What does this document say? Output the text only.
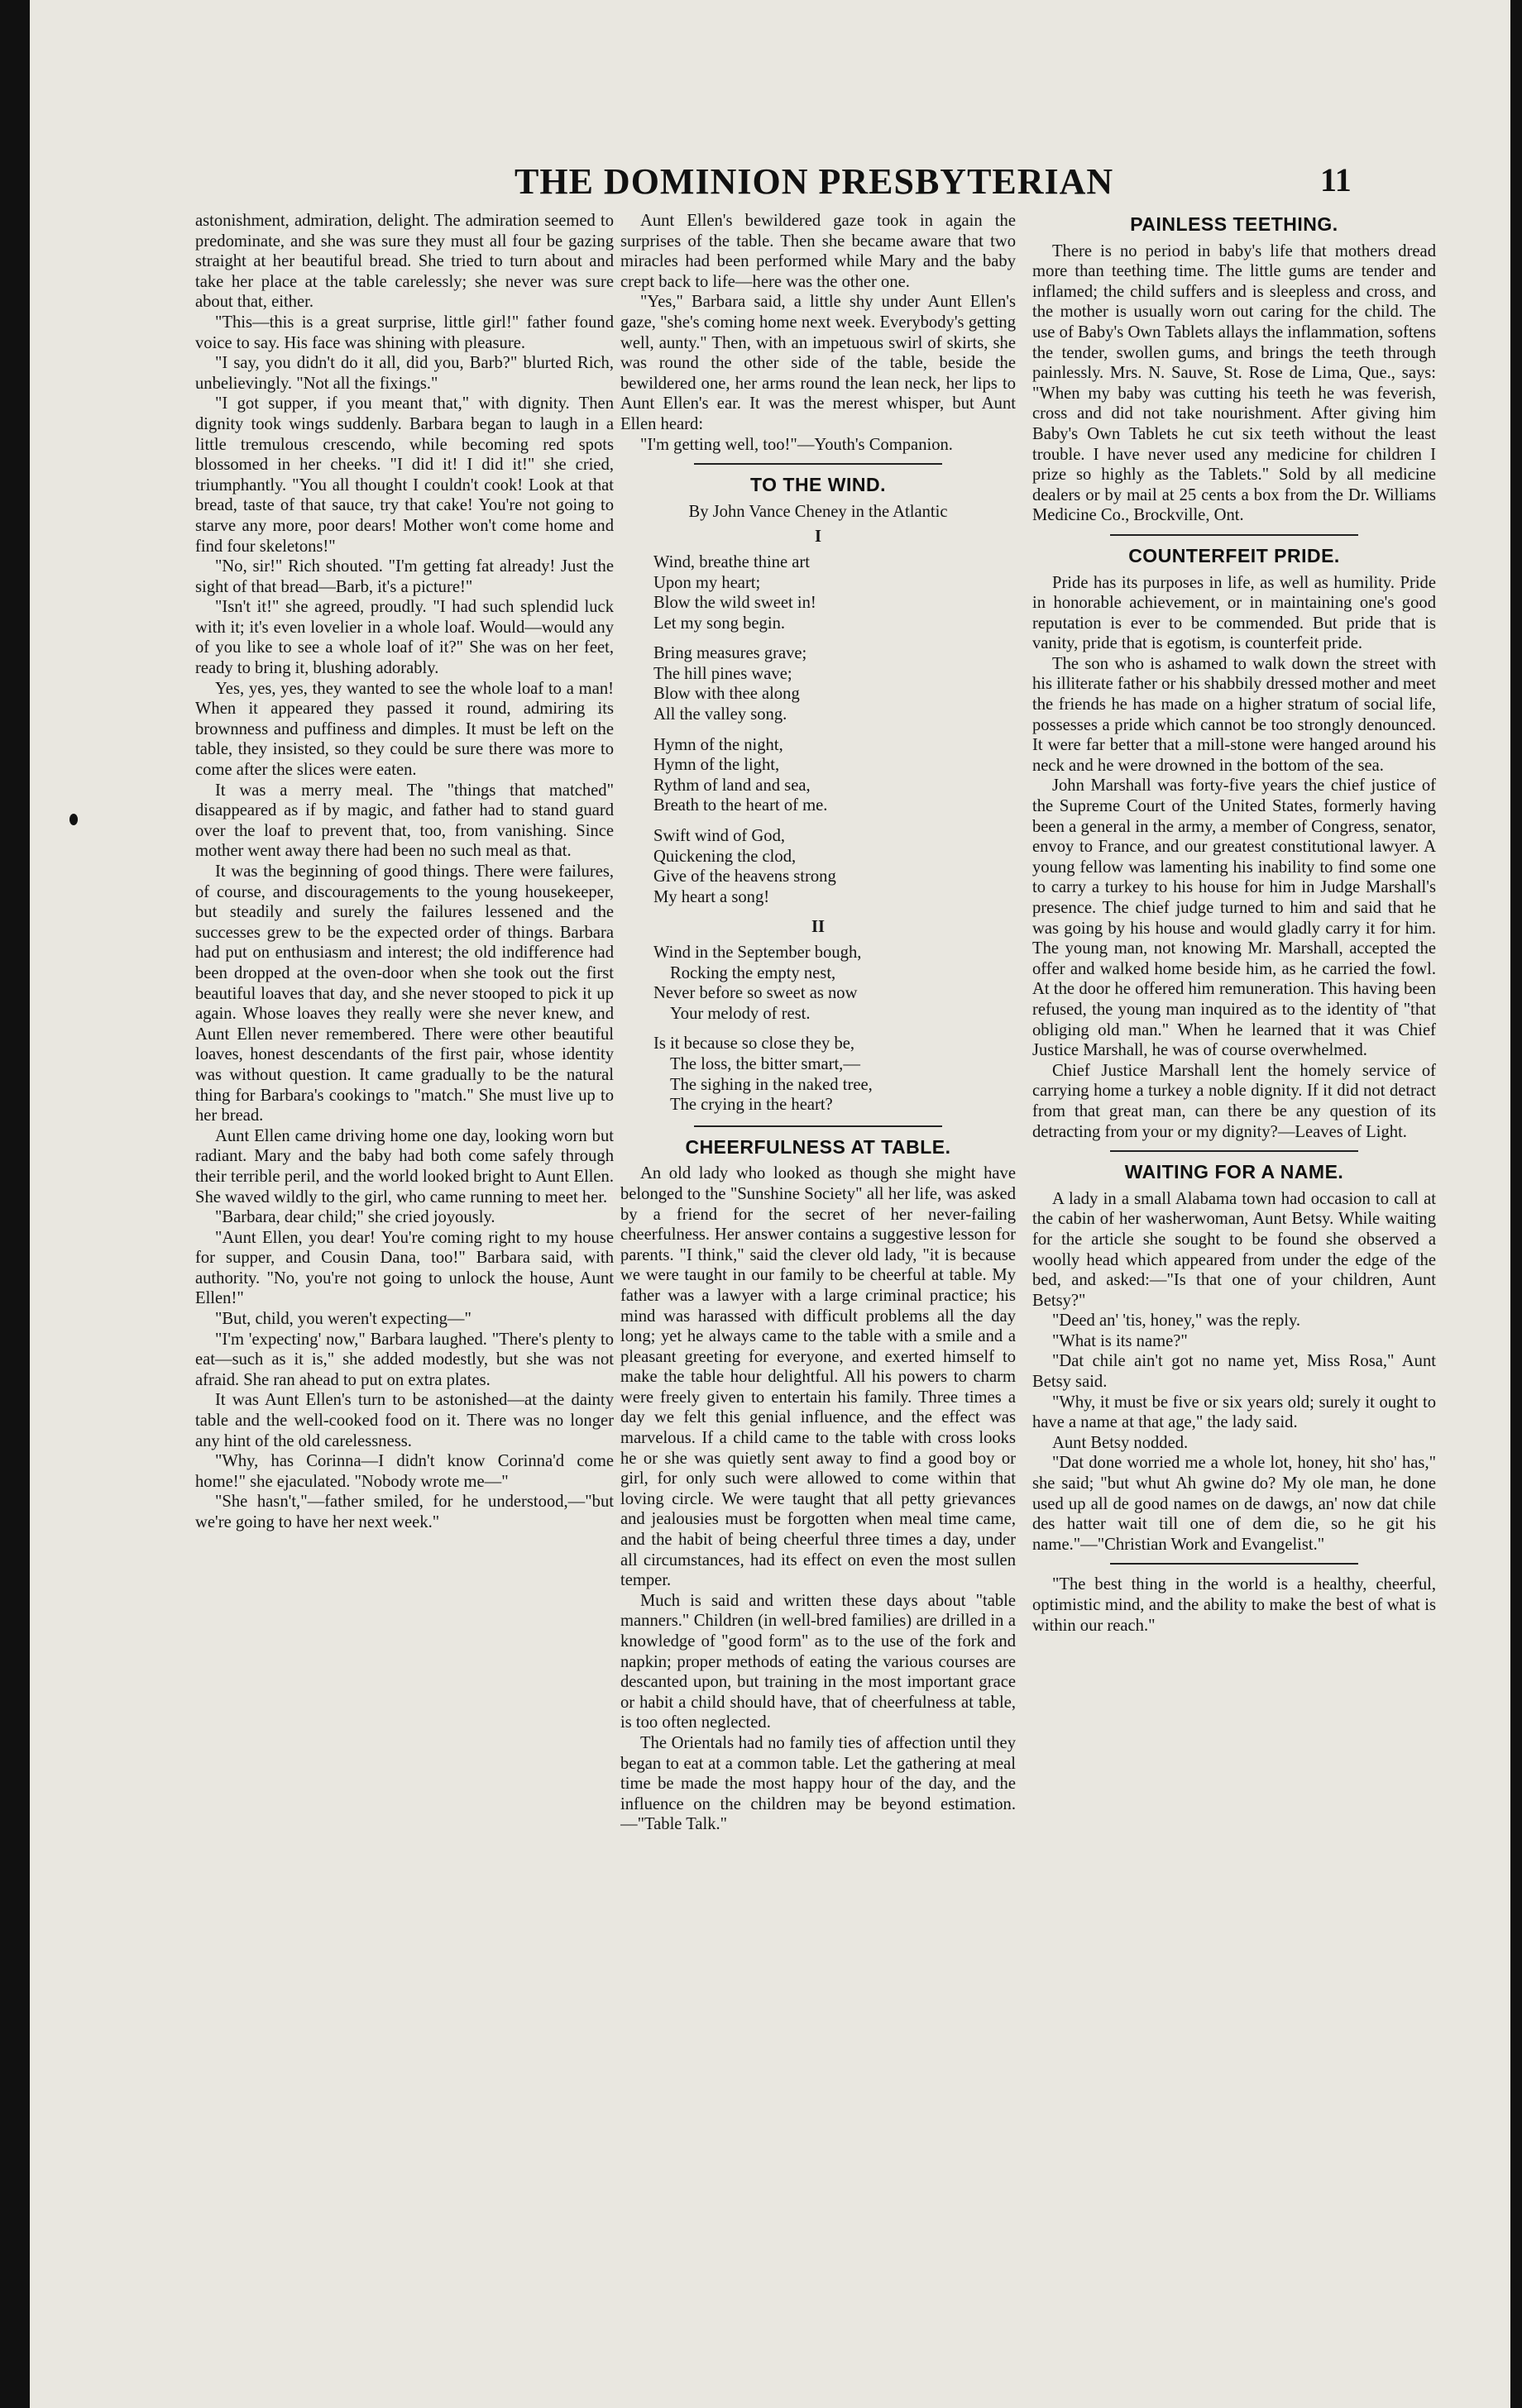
THE DOMINION PRESBYTERIAN	11

astonishment, admiration, delight. The admiration seemed to predominate, and she was sure they must all four be gazing straight at her beautiful bread. She tried to turn about and take her place at the table carelessly; she never was sure about that, either.

"This—this is a great surprise, little girl!" father found voice to say. His face was shining with pleasure.

"I say, you didn't do it all, did you, Barb?" blurted Rich, unbelievingly. "Not all the fixings."

"I got supper, if you meant that," with dignity. Then dignity took wings suddenly. Barbara began to laugh in a little tremulous crescendo, while becoming red spots blossomed in her cheeks. "I did it! I did it!" she cried, triumphantly. "You all thought I couldn't cook! Look at that bread, taste of that sauce, try that cake! You're not going to starve any more, poor dears! Mother won't come home and find four skeletons!"

"No, sir!" Rich shouted. "I'm getting fat already! Just the sight of that bread—Barb, it's a picture!"

"Isn't it!" she agreed, proudly. "I had such splendid luck with it; it's even lovelier in a whole loaf. Would—would any of you like to see a whole loaf of it?" She was on her feet, ready to bring it, blushing adorably.

Yes, yes, yes, they wanted to see the whole loaf to a man! When it appeared they passed it round, admiring its brownness and puffiness and dimples. It must be left on the table, they insisted, so they could be sure there was more to come after the slices were eaten.

It was a merry meal. The "things that matched" disappeared as if by magic, and father had to stand guard over the loaf to prevent that, too, from vanishing. Since mother went away there had been no such meal as that.

It was the beginning of good things. There were failures, of course, and discouragements to the young housekeeper, but steadily and surely the failures lessened and the successes grew to be the expected order of things. Barbara had put on enthusiasm and interest; the old indifference had been dropped at the oven-door when she took out the first beautiful loaves that day, and she never stooped to pick it up again. Whose loaves they really were she never knew, and Aunt Ellen never remembered. There were other beautiful loaves, honest descendants of the first pair, whose identity was without question. It came gradually to be the natural thing for Barbara's cookings to "match." She must live up to her bread.

Aunt Ellen came driving home one day, looking worn but radiant. Mary and the baby had both come safely through their terrible peril, and the world looked bright to Aunt Ellen. She waved wildly to the girl, who came running to meet her.

"Barbara, dear child;" she cried joyously.

"Aunt Ellen, you dear! You're coming right to my house for supper, and Cousin Dana, too!" Barbara said, with authority. "No, you're not going to unlock the house, Aunt Ellen!"

"But, child, you weren't expecting—"

"I'm 'expecting' now," Barbara laughed. "There's plenty to eat—such as it is," she added modestly, but she was not afraid. She ran ahead to put on extra plates.

It was Aunt Ellen's turn to be astonished—at the dainty table and the well-cooked food on it. There was no longer any hint of the old carelessness.

"Why, has Corinna—I didn't know Corinna'd come home!" she ejaculated. "Nobody wrote me—"

"She hasn't,"—father smiled, for he understood,—"but we're going to have her next week."

Aunt Ellen's bewildered gaze took in again the surprises of the table. Then she became aware that two miracles had been performed while Mary and the baby crept back to life—here was the other one.

"Yes," Barbara said, a little shy under Aunt Ellen's gaze, "she's coming home next week. Everybody's getting well, aunty." Then, with an impetuous swirl of skirts, she was round the other side of the table, beside the bewildered one, her arms round the lean neck, her lips to Aunt Ellen's ear. It was the merest whisper, but Aunt Ellen heard:

"I'm getting well, too!"—Youth's Companion.

TO THE WIND.
By John Vance Cheney in the Atlantic
I
Wind, breathe thine art
Upon my heart;
Blow the wild sweet in!
Let my song begin.
Bring measures grave;
The hill pines wave;
Blow with thee along
All the valley song.
Hymn of the night,
Hymn of the light,
Rythm of land and sea,
Breath to the heart of me.
Swift wind of God,
Quickening the clod,
Give of the heavens strong
My heart a song!
II
Wind in the September bough,
Rocking the empty nest,
Never before so sweet as now
Your melody of rest.
Is it because so close they be,
The loss, the bitter smart,—
The sighing in the naked tree,
The crying in the heart?
CHEERFULNESS AT TABLE.

An old lady who looked as though she might have belonged to the "Sunshine Society" all her life, was asked by a friend for the secret of her never-failing cheerfulness. Her answer contains a suggestive lesson for parents. "I think," said the clever old lady, "it is because we were taught in our family to be cheerful at table. My father was a lawyer with a large criminal practice; his mind was harassed with difficult problems all the day long; yet he always came to the table with a smile and a pleasant greeting for everyone, and exerted himself to make the table hour delightful. All his powers to charm were freely given to entertain his family. Three times a day we felt this genial influence, and the effect was marvelous. If a child came to the table with cross looks he or she was quietly sent away to find a good boy or girl, for only such were allowed to come within that loving circle. We were taught that all petty grievances and jealousies must be forgotten when meal time came, and the habit of being cheerful three times a day, under all circumstances, had its effect on even the most sullen temper.

Much is said and written these days about "table manners." Children (in well-bred families) are drilled in a knowledge of "good form" as to the use of the fork and napkin; proper methods of eating the various courses are descanted upon, but training in the most important grace or habit a child should have, that of cheerfulness at table, is too often neglected.

The Orientals had no family ties of affection until they began to eat at a common table. Let the gathering at meal time be made the most happy hour of the day, and the influence on the children may be beyond estimation. —"Table Talk."

PAINLESS TEETHING.

There is no period in baby's life that mothers dread more than teething time. The little gums are tender and inflamed; the child suffers and is sleepless and cross, and the mother is usually worn out caring for the child. The use of Baby's Own Tablets allays the inflammation, softens the tender, swollen gums, and brings the teeth through painlessly. Mrs. N. Sauve, St. Rose de Lima, Que., says: "When my baby was cutting his teeth he was feverish, cross and did not take nourishment. After giving him Baby's Own Tablets he cut six teeth without the least trouble. I have never used any medicine for children I prize so highly as the Tablets." Sold by all medicine dealers or by mail at 25 cents a box from the Dr. Williams Medicine Co., Brockville, Ont.

COUNTERFEIT PRIDE.

Pride has its purposes in life, as well as humility. Pride in honorable achievement, or in maintaining one's good reputation is ever to be commended. But pride that is vanity, pride that is egotism, is counterfeit pride.

The son who is ashamed to walk down the street with his illiterate father or his shabbily dressed mother and meet the friends he has made on a higher stratum of social life, possesses a pride which cannot be too strongly denounced. It were far better that a mill-stone were hanged around his neck and he were drowned in the bottom of the sea.

John Marshall was forty-five years the chief justice of the Supreme Court of the United States, formerly having been a general in the army, a member of Congress, senator, envoy to France, and our greatest constitutional lawyer. A young fellow was lamenting his inability to find some one to carry a turkey to his house for him in Judge Marshall's presence. The chief judge turned to him and said that he was going by his house and would gladly carry it for him. The young man, not knowing Mr. Marshall, accepted the offer and walked home beside him, as he carried the fowl. At the door he offered him remuneration. This having been refused, the young man inquired as to the identity of "that obliging old man." When he learned that it was Chief Justice Marshall, he was of course overwhelmed.

Chief Justice Marshall lent the homely service of carrying home a turkey a noble dignity. If it did not detract from that great man, can there be any question of its detracting from your or my dignity?—Leaves of Light.

WAITING FOR A NAME.

A lady in a small Alabama town had occasion to call at the cabin of her washerwoman, Aunt Betsy. While waiting for the article she sought to be found she observed a woolly head which appeared from under the edge of the bed, and asked:—"Is that one of your children, Aunt Betsy?"

"Deed an' 'tis, honey," was the reply.

"What is its name?"

"Dat chile ain't got no name yet, Miss Rosa," Aunt Betsy said.

"Why, it must be five or six years old; surely it ought to have a name at that age," the lady said.

Aunt Betsy nodded.

"Dat done worried me a whole lot, honey, hit sho' has," she said; "but whut Ah gwine do? My ole man, he done used up all de good names on de dawgs, an' now dat chile des hatter wait till one of dem die, so he git his name."—"Christian Work and Evangelist."

"The best thing in the world is a healthy, cheerful, optimistic mind, and the ability to make the best of what is within our reach."
